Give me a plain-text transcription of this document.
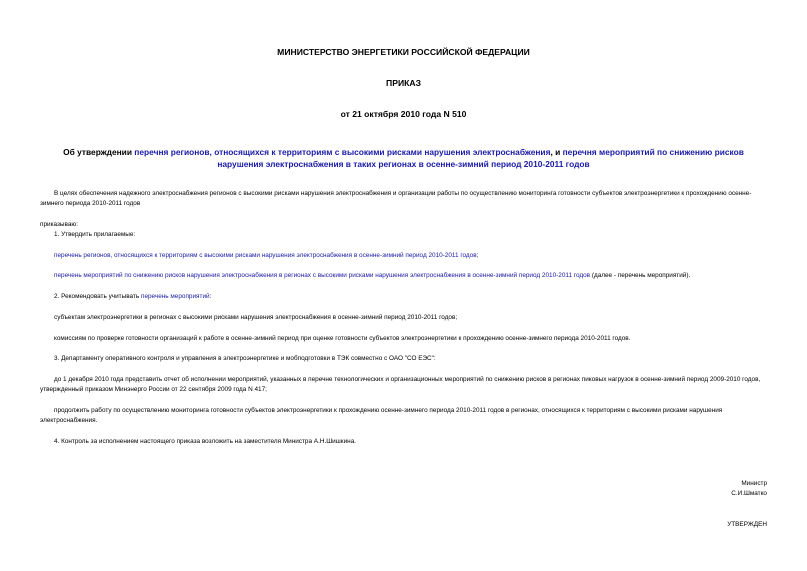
МИНИСТЕРСТВО ЭНЕРГЕТИКИ РОССИЙСКОЙ ФЕДЕРАЦИИ
ПРИКАЗ
от 21 октября 2010 года N 510
Об утверждении перечня регионов, относящихся к территориям с высокими рисками нарушения электроснабжения, и перечня мероприятий по снижению рисков нарушения электроснабжения в таких регионах в осенне-зимний период 2010-2011 годов
В целях обеспечения надежного электроснабжения регионов с высокими рисками нарушения электроснабжения и организации работы по осуществлению мониторинга готовности субъектов электроэнергетики к прохождению осенне-зимнего периода 2010-2011 годов
приказываю:
1. Утвердить прилагаемые:
перечень регионов, относящихся к территориям с высокими рисками нарушения электроснабжения в осенне-зимний период 2010-2011 годов;
перечень мероприятий по снижению рисков нарушения электроснабжения в регионах с высокими рисками нарушения электроснабжения в осенне-зимний период 2010-2011 годов (далее - перечень мероприятий).
2. Рекомендовать учитывать перечень мероприятий:
субъектам электроэнергетики в регионах с высокими рисками нарушения электроснабжения в осенне-зимний период 2010-2011 годов;
комиссиям по проверке готовности организаций к работе в осенне-зимний период при оценке готовности субъектов электроэнергетики к прохождению осенне-зимнего периода 2010-2011 годов.
3. Департаменту оперативного контроля и управления в электроэнергетике и мобподготовки в ТЭК совместно с ОАО "СО ЕЭС":
до 1 декабря 2010 года представить отчет об исполнении мероприятий, указанных в перечне технологических и организационных мероприятий по снижению рисков в регионах пиковых нагрузок в осенне-зимний период 2009-2010 годов, утвержденный приказом Минэнерго России от 22 сентября 2009 года N 417;
продолжить работу по осуществлению мониторинга готовности субъектов электроэнергетики к прохождению осенне-зимнего периода 2010-2011 годов в регионах, относящихся к территориям с высокими рисками нарушения электроснабжения.
4. Контроль за исполнением настоящего приказа возложить на заместителя Министра А.Н.Шишкина.
Министр
С.И.Шматко
УТВЕРЖДЕН
